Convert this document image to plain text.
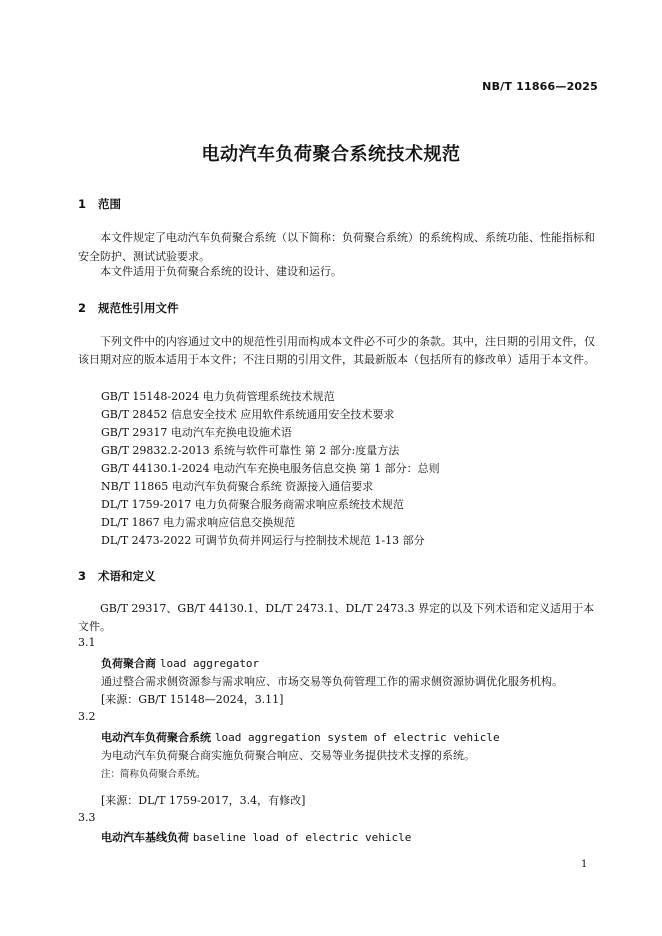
NB/T 11866—2025
电动汽车负荷聚合系统技术规范
1 范围
本文件规定了电动汽车负荷聚合系统（以下简称：负荷聚合系统）的系统构成、系统功能、性能指标和安全防护、测试试验要求。
本文件适用于负荷聚合系统的设计、建设和运行。
2 规范性引用文件
下列文件中的内容通过文中的规范性引用而构成本文件必不可少的条款。其中，注日期的引用文件，仅该日期对应的版本适用于本文件；不注日期的引用文件，其最新版本（包括所有的修改单）适用于本文件。
GB/T 15148-2024 电力负荷管理系统技术规范
GB/T 28452 信息安全技术 应用软件系统通用安全技术要求
GB/T 29317 电动汽车充换电设施术语
GB/T 29832.2-2013 系统与软件可靠性 第 2 部分:度量方法
GB/T 44130.1-2024 电动汽车充换电服务信息交换 第 1 部分：总则
NB/T 11865 电动汽车负荷聚合系统 资源接入通信要求
DL/T 1759-2017 电力负荷聚合服务商需求响应系统技术规范
DL/T 1867 电力需求响应信息交换规范
DL/T 2473-2022 可调节负荷并网运行与控制技术规范 1-13 部分
3 术语和定义
GB/T 29317、GB/T 44130.1、DL/T 2473.1、DL/T 2473.3 界定的以及下列术语和定义适用于本文件。
3.1
负荷聚合商 load aggregator
通过整合需求侧资源参与需求响应、市场交易等负荷管理工作的需求侧资源协调优化服务机构。
[来源：GB/T 15148—2024，3.11]
3.2
电动汽车负荷聚合系统 load aggregation system of electric vehicle
为电动汽车负荷聚合商实施负荷聚合响应、交易等业务提供技术支撑的系统。
注：简称负荷聚合系统。
[来源：DL/T 1759-2017，3.4，有修改]
3.3
电动汽车基线负荷 baseline load of electric vehicle
1
